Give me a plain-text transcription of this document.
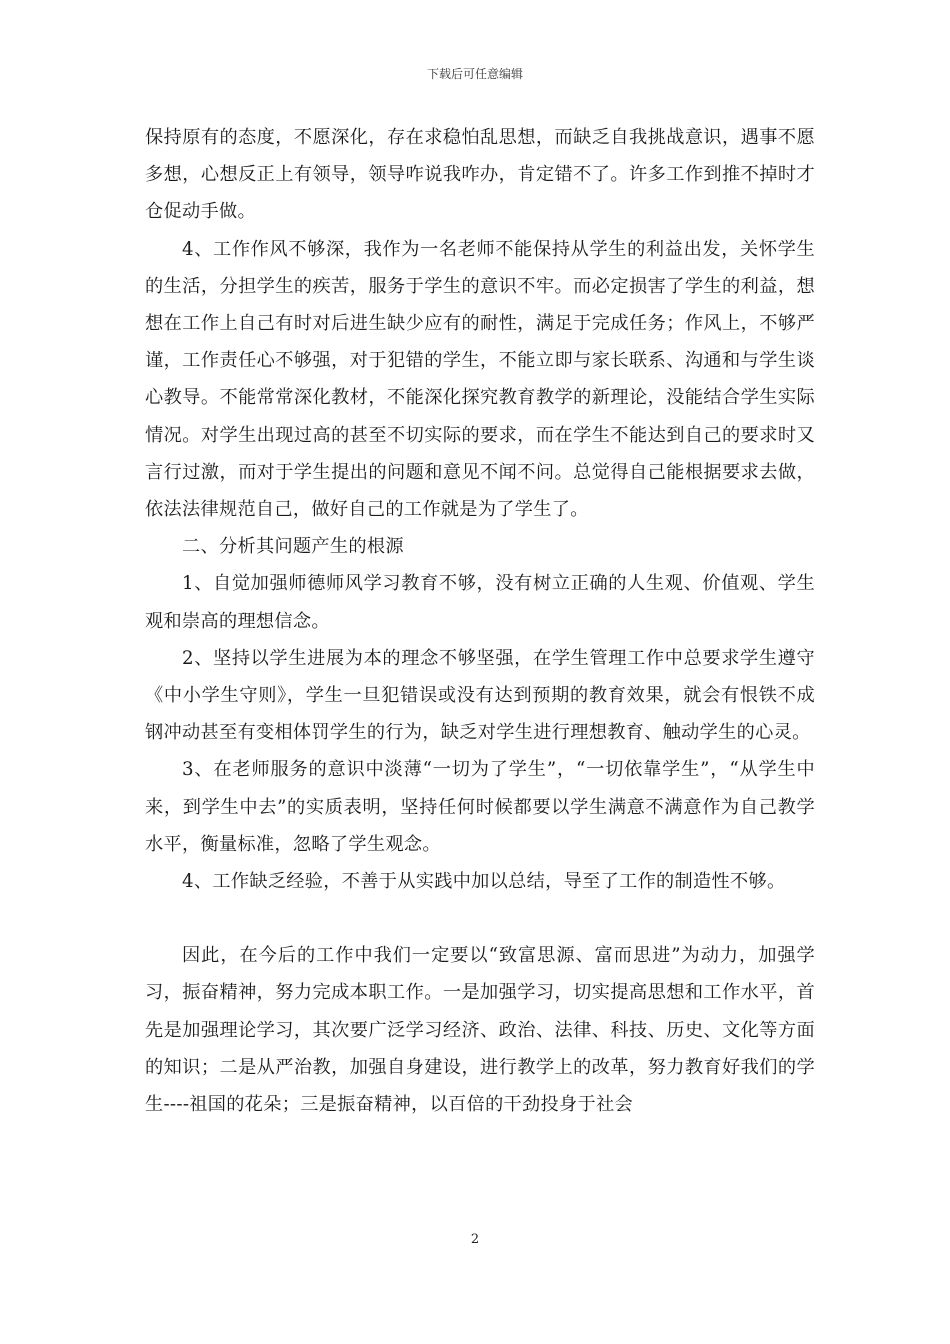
下载后可任意编辑

保持原有的态度，不愿深化，存在求稳怕乱思想，而缺乏自我挑战意识，遇事不愿多想，心想反正上有领导，领导咋说我咋办，肯定错不了。许多工作到推不掉时才仓促动手做。

4、工作作风不够深，我作为一名老师不能保持从学生的利益出发，关怀学生的生活，分担学生的疾苦，服务于学生的意识不牢。而必定损害了学生的利益，想想在工作上自己有时对后进生缺少应有的耐性，满足于完成任务；作风上，不够严谨，工作责任心不够强，对于犯错的学生，不能立即与家长联系、沟通和与学生谈心教导。不能常常深化教材，不能深化探究教育教学的新理论，没能结合学生实际情况。对学生出现过高的甚至不切实际的要求，而在学生不能达到自己的要求时又言行过激，而对于学生提出的问题和意见不闻不问。总觉得自己能根据要求去做，依法法律规范自己，做好自己的工作就是为了学生了。

二、分析其问题产生的根源

1、自觉加强师德师风学习教育不够，没有树立正确的人生观、价值观、学生观和崇高的理想信念。

2、坚持以学生进展为本的理念不够坚强，在学生管理工作中总要求学生遵守《中小学生守则》，学生一旦犯错误或没有达到预期的教育效果，就会有恨铁不成钢冲动甚至有变相体罚学生的行为，缺乏对学生进行理想教育、触动学生的心灵。

3、在老师服务的意识中淡薄“一切为了学生”，“一切依靠学生”，“从学生中来，到学生中去”的实质表明，坚持任何时候都要以学生满意不满意作为自己教学水平，衡量标准，忽略了学生观念。

4、工作缺乏经验，不善于从实践中加以总结，导至了工作的制造性不够。

因此，在今后的工作中我们一定要以“致富思源、富而思进”为动力，加强学习，振奋精神，努力完成本职工作。一是加强学习，切实提高思想和工作水平，首先是加强理论学习，其次要广泛学习经济、政治、法律、科技、历史、文化等方面的知识；二是从严治教，加强自身建设，进行教学上的改革，努力教育好我们的学生----祖国的花朵；三是振奋精神，以百倍的干劲投身于社会

2
